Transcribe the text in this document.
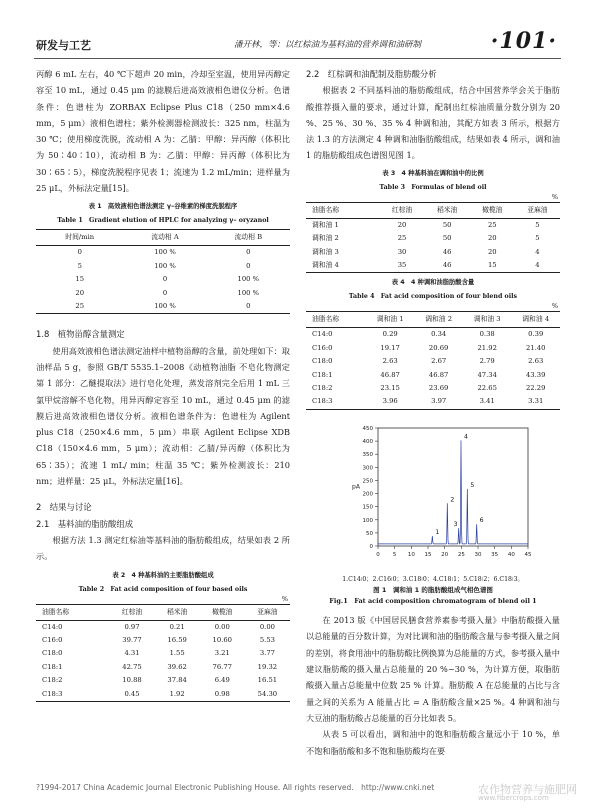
研发与工艺	潘开林，等：以红棕油为基料油的营养调和油研制	·101·

丙醇 6 mL 左右，40 ℃下超声 20 min，冷却至室温，使用异丙醇定容至 10 mL，通过 0.45 μm 的滤膜后进高效液相色谱仪分析。色谱条件：色谱柱为 ZORBAX Eclipse Plus C18（250 mm×4.6 mm，5 μm）液相色谱柱；紫外检测器检测波长：325 nm，柱温为 30 ℃；使用梯度洗脱，流动相 A 为：乙腈：甲醇：异丙醇（体积比为 50∶40∶10），流动相 B 为：乙腈：甲醇：异丙醇（体积比为 30∶65∶5），梯度洗脱程序见表 1；流速为 1.2 mL/min；进样量为 25 μL，外标法定量[15]。

表 1　高效液相色谱法测定 γ–谷维素的梯度洗脱程序
Table 1　Gradient elution of HPLC for analyzing γ– oryzanol
时间/min	流动相 A	流动相 B
0	100 %	0
5	100 %	0
15	0	100 %
20	0	100 %
25	100 %	0

1.8　植物甾醇含量测定

使用高效液相色谱法测定油样中植物甾醇的含量，前处理如下：取油样品 5 g，参照 GB/T 5535.1–2008《动植物油脂 不皂化物测定 第 1 部分：乙醚提取法》进行皂化处理，蒸发溶剂完全后用 1 mL 三氯甲烷溶解不皂化物，用异丙醇定容至 10 mL，通过 0.45 μm 的滤膜后进高效液相色谱仪分析。液相色谱条件为：色谱柱为 Agilent plus C18（250×4.6 mm，5 μm）串联 Agilent Eclipse XDB C18（150×4.6 mm，5 μm）；流动相：乙腈/异丙醇（体积比为 65∶35）；流速 1 mL/ min；柱温 35 ℃；紫外检测波长：210 nm；进样量：25 μL，外标法定量[16]。

2　结果与讨论

2.1　基料油的脂肪酸组成

根据方法 1.3 测定红棕油等基料油的脂肪酸组成，结果如表 2 所示。

表 2　4 种基料油的主要脂肪酸组成
Table 2　Fat acid composition of four based oils
%
油脂名称	红棕油	稻米油	橄榄油	亚麻油
C14:0	0.97	0.21	0.00	0.00
C16:0	39.77	16.59	10.60	5.53
C18:0	4.31	1.55	3.21	3.77
C18:1	42.75	39.62	76.77	19.32
C18:2	10.88	37.84	6.49	16.51
C18:3	0.45	1.92	0.98	54.30

2.2　红棕调和油配制及脂肪酸分析

根据表 2 不同基料油的脂肪酸组成，结合中国营养学会关于脂肪酸推荐摄入量的要求，通过计算，配制出红棕油质量分数分别为 20 %、25 %、30 %、35 % 4 种调和油，其配方如表 3 所示，根据方法 1.3 的方法测定 4 种调和油脂肪酸组成，结果如表 4 所示，调和油 1 的脂肪酸组成色谱图见图 1。

表 3　4 种基料油在调和油中的比例
Table 3　Formulas of blend oil
%
油脂名称	红棕油	稻米油	橄榄油	亚麻油
调和油 1	20	50	25	5
调和油 2	25	50	20	5
调和油 3	30	46	20	4
调和油 4	35	46	15	4
表 4　4 种调和油脂肪酸含量
Table 4　Fat acid composition of four blend oils
%
油脂名称	调和油 1	调和油 2	调和油 3	调和油 4
C14:0	0.29	0.34	0.38	0.39
C16:0	19.17	20.69	21.92	21.40
C18:0	2.63	2.67	2.79	2.63
C18:1	46.87	46.87	47.34	43.39
C18:2	23.15	23.69	22.65	22.29
C18:3	3.96	3.97	3.41	3.31
0
50
100
150
200
250
300
350
400
450
0 5 10 15 20 25 30 35 40 45
pA
1
2
3
4
5
6
1.C14∶0；2.C16∶0；3.C18∶0；4.C18∶1；5.C18∶2；6.C18∶3。
图 1　调和油 1 的脂肪酸组成气相色谱图
Fig.1　Fat acid composition chromatogram of blend oil 1

在 2013 版《中国居民膳食营养素参考摄入量》中脂肪酸摄入量以总能量的百分数计算，为对比调和油的脂肪酸含量与参考摄入量之间的差别，将食用油中的脂肪酸比例换算为总能量的方式，参考摄入量中建议脂肪酸的摄入量占总能量的 20 %~30 %，为计算方便，取脂肪酸摄入量占总能量中位数 25 % 计算。脂肪酸 A 在总能量的占比与含量之间的关系为 A 能量占比 = A 脂肪酸含量×25 %。4 种调和油与大豆油的脂肪酸占总能量的百分比如表 5。

从表 5 可以看出，调和油中的饱和脂肪酸含量远小于 10 %，单不饱和脂肪酸和多不饱和脂肪酸均在要

?1994-2017 China Academic Journal Electronic Publishing House. All rights reserved.　http://www.cnki.net	农作物营养与施肥网
www.fibercrops.com
